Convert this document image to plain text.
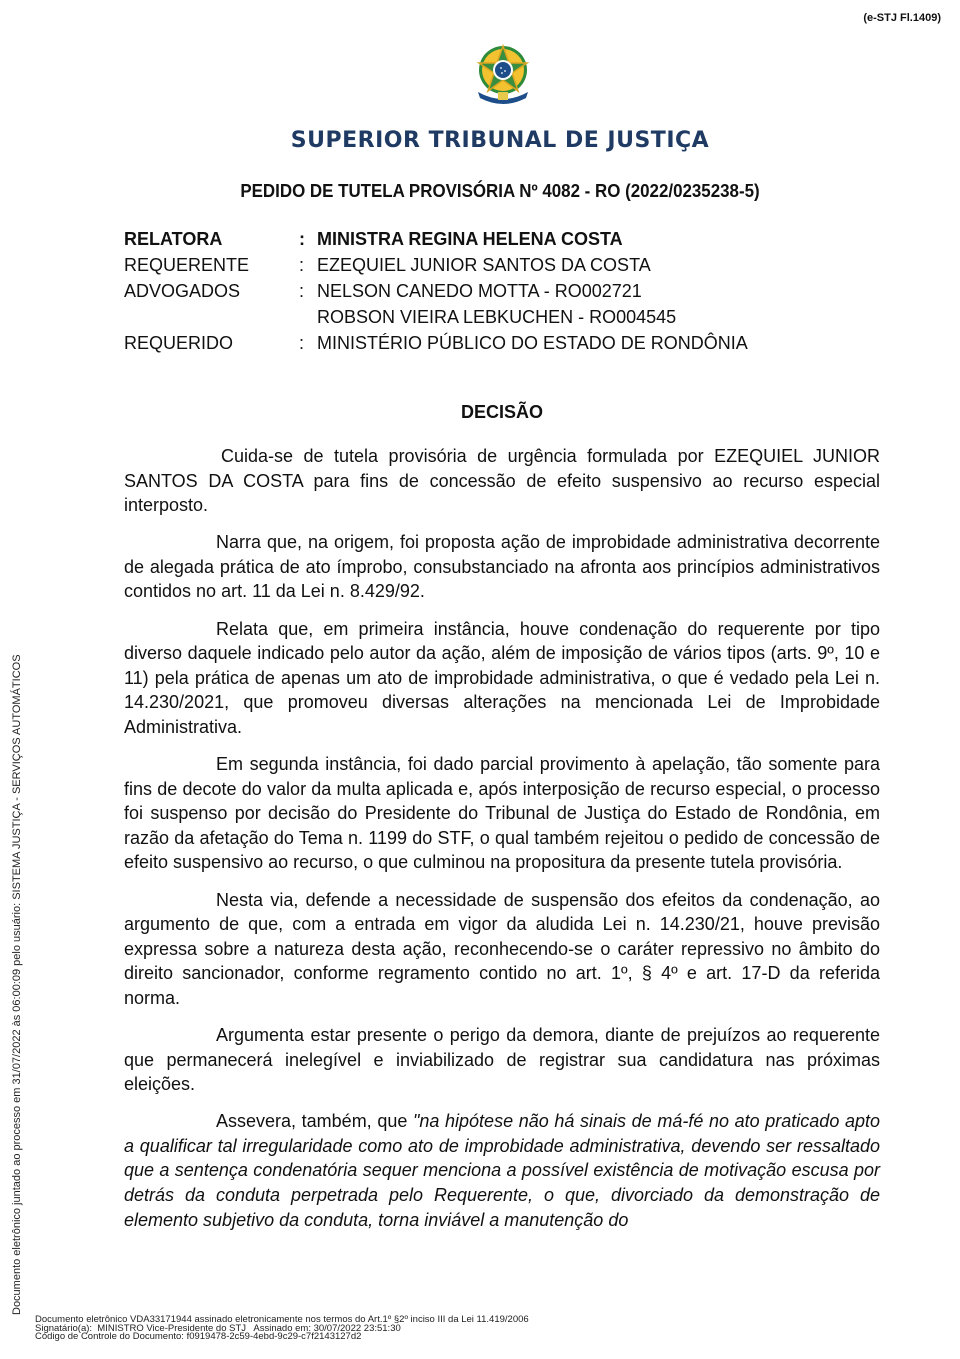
(e-STJ Fl.1409)
SUPERIOR TRIBUNAL DE JUSTIÇA
PEDIDO DE TUTELA PROVISÓRIA Nº 4082 - RO (2022/0235238-5)
RELATORA	: MINISTRA REGINA HELENA COSTA
REQUERENTE	: EZEQUIEL JUNIOR SANTOS DA COSTA
ADVOGADOS	: NELSON CANEDO MOTTA - RO002721
ROBSON VIEIRA LEBKUCHEN - RO004545
REQUERIDO	: MINISTÉRIO PÚBLICO DO ESTADO DE RONDÔNIA
DECISÃO

Cuida-se de tutela provisória de urgência formulada por EZEQUIEL JUNIOR SANTOS DA COSTA para fins de concessão de efeito suspensivo ao recurso especial interposto.

Narra que, na origem, foi proposta ação de improbidade administrativa decorrente de alegada prática de ato ímprobo, consubstanciado na afronta aos princípios administrativos contidos no art. 11 da Lei n. 8.429/92.

Relata que, em primeira instância, houve condenação do requerente por tipo diverso daquele indicado pelo autor da ação, além de imposição de vários tipos (arts. 9º, 10 e 11) pela prática de apenas um ato de improbidade administrativa, o que é vedado pela Lei n. 14.230/2021, que promoveu diversas alterações na mencionada Lei de Improbidade Administrativa.

Em segunda instância, foi dado parcial provimento à apelação, tão somente para fins de decote do valor da multa aplicada e, após interposição de recurso especial, o processo foi suspenso por decisão do Presidente do Tribunal de Justiça do Estado de Rondônia, em razão da afetação do Tema n. 1199 do STF, o qual também rejeitou o pedido de concessão de efeito suspensivo ao recurso, o que culminou na propositura da presente tutela provisória.

Nesta via, defende a necessidade de suspensão dos efeitos da condenação, ao argumento de que, com a entrada em vigor da aludida Lei n. 14.230/21, houve previsão expressa sobre a natureza desta ação, reconhecendo-se o caráter repressivo no âmbito do direito sancionador, conforme regramento contido no art. 1º, § 4º e art. 17-D da referida norma.

Argumenta estar presente o perigo da demora, diante de prejuízos ao requerente que permanecerá inelegível e inviabilizado de registrar sua candidatura nas próximas eleições.

Assevera, também, que "na hipótese não há sinais de má-fé no ato praticado apto a qualificar tal irregularidade como ato de improbidade administrativa, devendo ser ressaltado que a sentença condenatória sequer menciona a possível existência de motivação escusa por detrás da conduta perpetrada pelo Requerente, o que, divorciado da demonstração de elemento subjetivo da conduta, torna inviável a manutenção do

Documento eletrônico juntado ao processo em 31/07/2022 às 06:00:09 pelo usuário: SISTEMA JUSTIÇA - SERVIÇOS AUTOMÁTICOS
Documento eletrônico VDA33171944 assinado eletronicamente nos termos do Art.1º §2º inciso III da Lei 11.419/2006
Signatário(a):  MINISTRO Vice-Presidente do STJ   Assinado em: 30/07/2022 23:51:30
Código de Controle do Documento: f0919478-2c59-4ebd-9c29-c7f2143127d2
